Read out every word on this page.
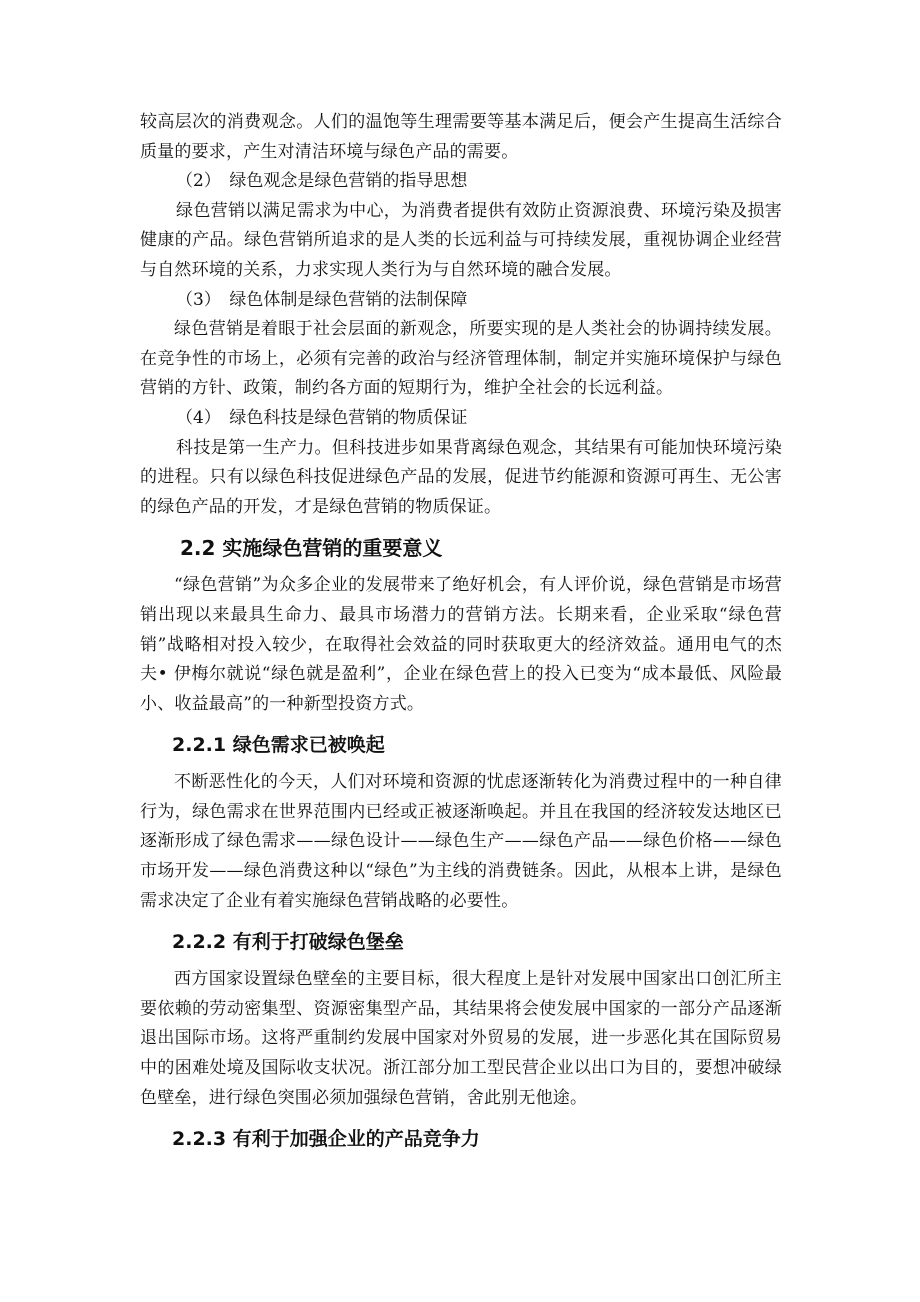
较高层次的消费观念。人们的温饱等生理需要等基本满足后，便会产生提高生活综合质量的要求，产生对清洁环境与绿色产品的需要。

（2）　绿色观念是绿色营销的指导思想

绿色营销以满足需求为中心，为消费者提供有效防止资源浪费、环境污染及损害健康的产品。绿色营销所追求的是人类的长远利益与可持续发展，重视协调企业经营与自然环境的关系，力求实现人类行为与自然环境的融合发展。

（3）　绿色体制是绿色营销的法制保障

绿色营销是着眼于社会层面的新观念，所要实现的是人类社会的协调持续发展。在竞争性的市场上，必须有完善的政治与经济管理体制，制定并实施环境保护与绿色营销的方针、政策，制约各方面的短期行为，维护全社会的长远利益。

（4）　绿色科技是绿色营销的物质保证

科技是第一生产力。但科技进步如果背离绿色观念，其结果有可能加快环境污染的进程。只有以绿色科技促进绿色产品的发展，促进节约能源和资源可再生、无公害的绿色产品的开发，才是绿色营销的物质保证。

2.2 实施绿色营销的重要意义

“绿色营销”为众多企业的发展带来了绝好机会，有人评价说，绿色营销是市场营销出现以来最具生命力、最具市场潜力的营销方法。长期来看，企业采取“绿色营销”战略相对投入较少，在取得社会效益的同时获取更大的经济效益。通用电气的杰夫• 伊梅尔就说“绿色就是盈利”，企业在绿色营上的投入已变为“成本最低、风险最小、收益最高”的一种新型投资方式。

2.2.1 绿色需求已被唤起

不断恶性化的今天，人们对环境和资源的忧虑逐渐转化为消费过程中的一种自律行为，绿色需求在世界范围内已经或正被逐渐唤起。并且在我国的经济较发达地区已逐渐形成了绿色需求——绿色设计——绿色生产——绿色产品——绿色价格——绿色市场开发——绿色消费这种以“绿色”为主线的消费链条。因此，从根本上讲，是绿色需求决定了企业有着实施绿色营销战略的必要性。

2.2.2 有利于打破绿色堡垒

西方国家设置绿色壁垒的主要目标，很大程度上是针对发展中国家出口创汇所主要依赖的劳动密集型、资源密集型产品，其结果将会使发展中国家的一部分产品逐渐退出国际市场。这将严重制约发展中国家对外贸易的发展，进一步恶化其在国际贸易中的困难处境及国际收支状况。浙江部分加工型民营企业以出口为目的，要想冲破绿色壁垒，进行绿色突围必须加强绿色营销，舍此别无他途。

2.2.3 有利于加强企业的产品竞争力
